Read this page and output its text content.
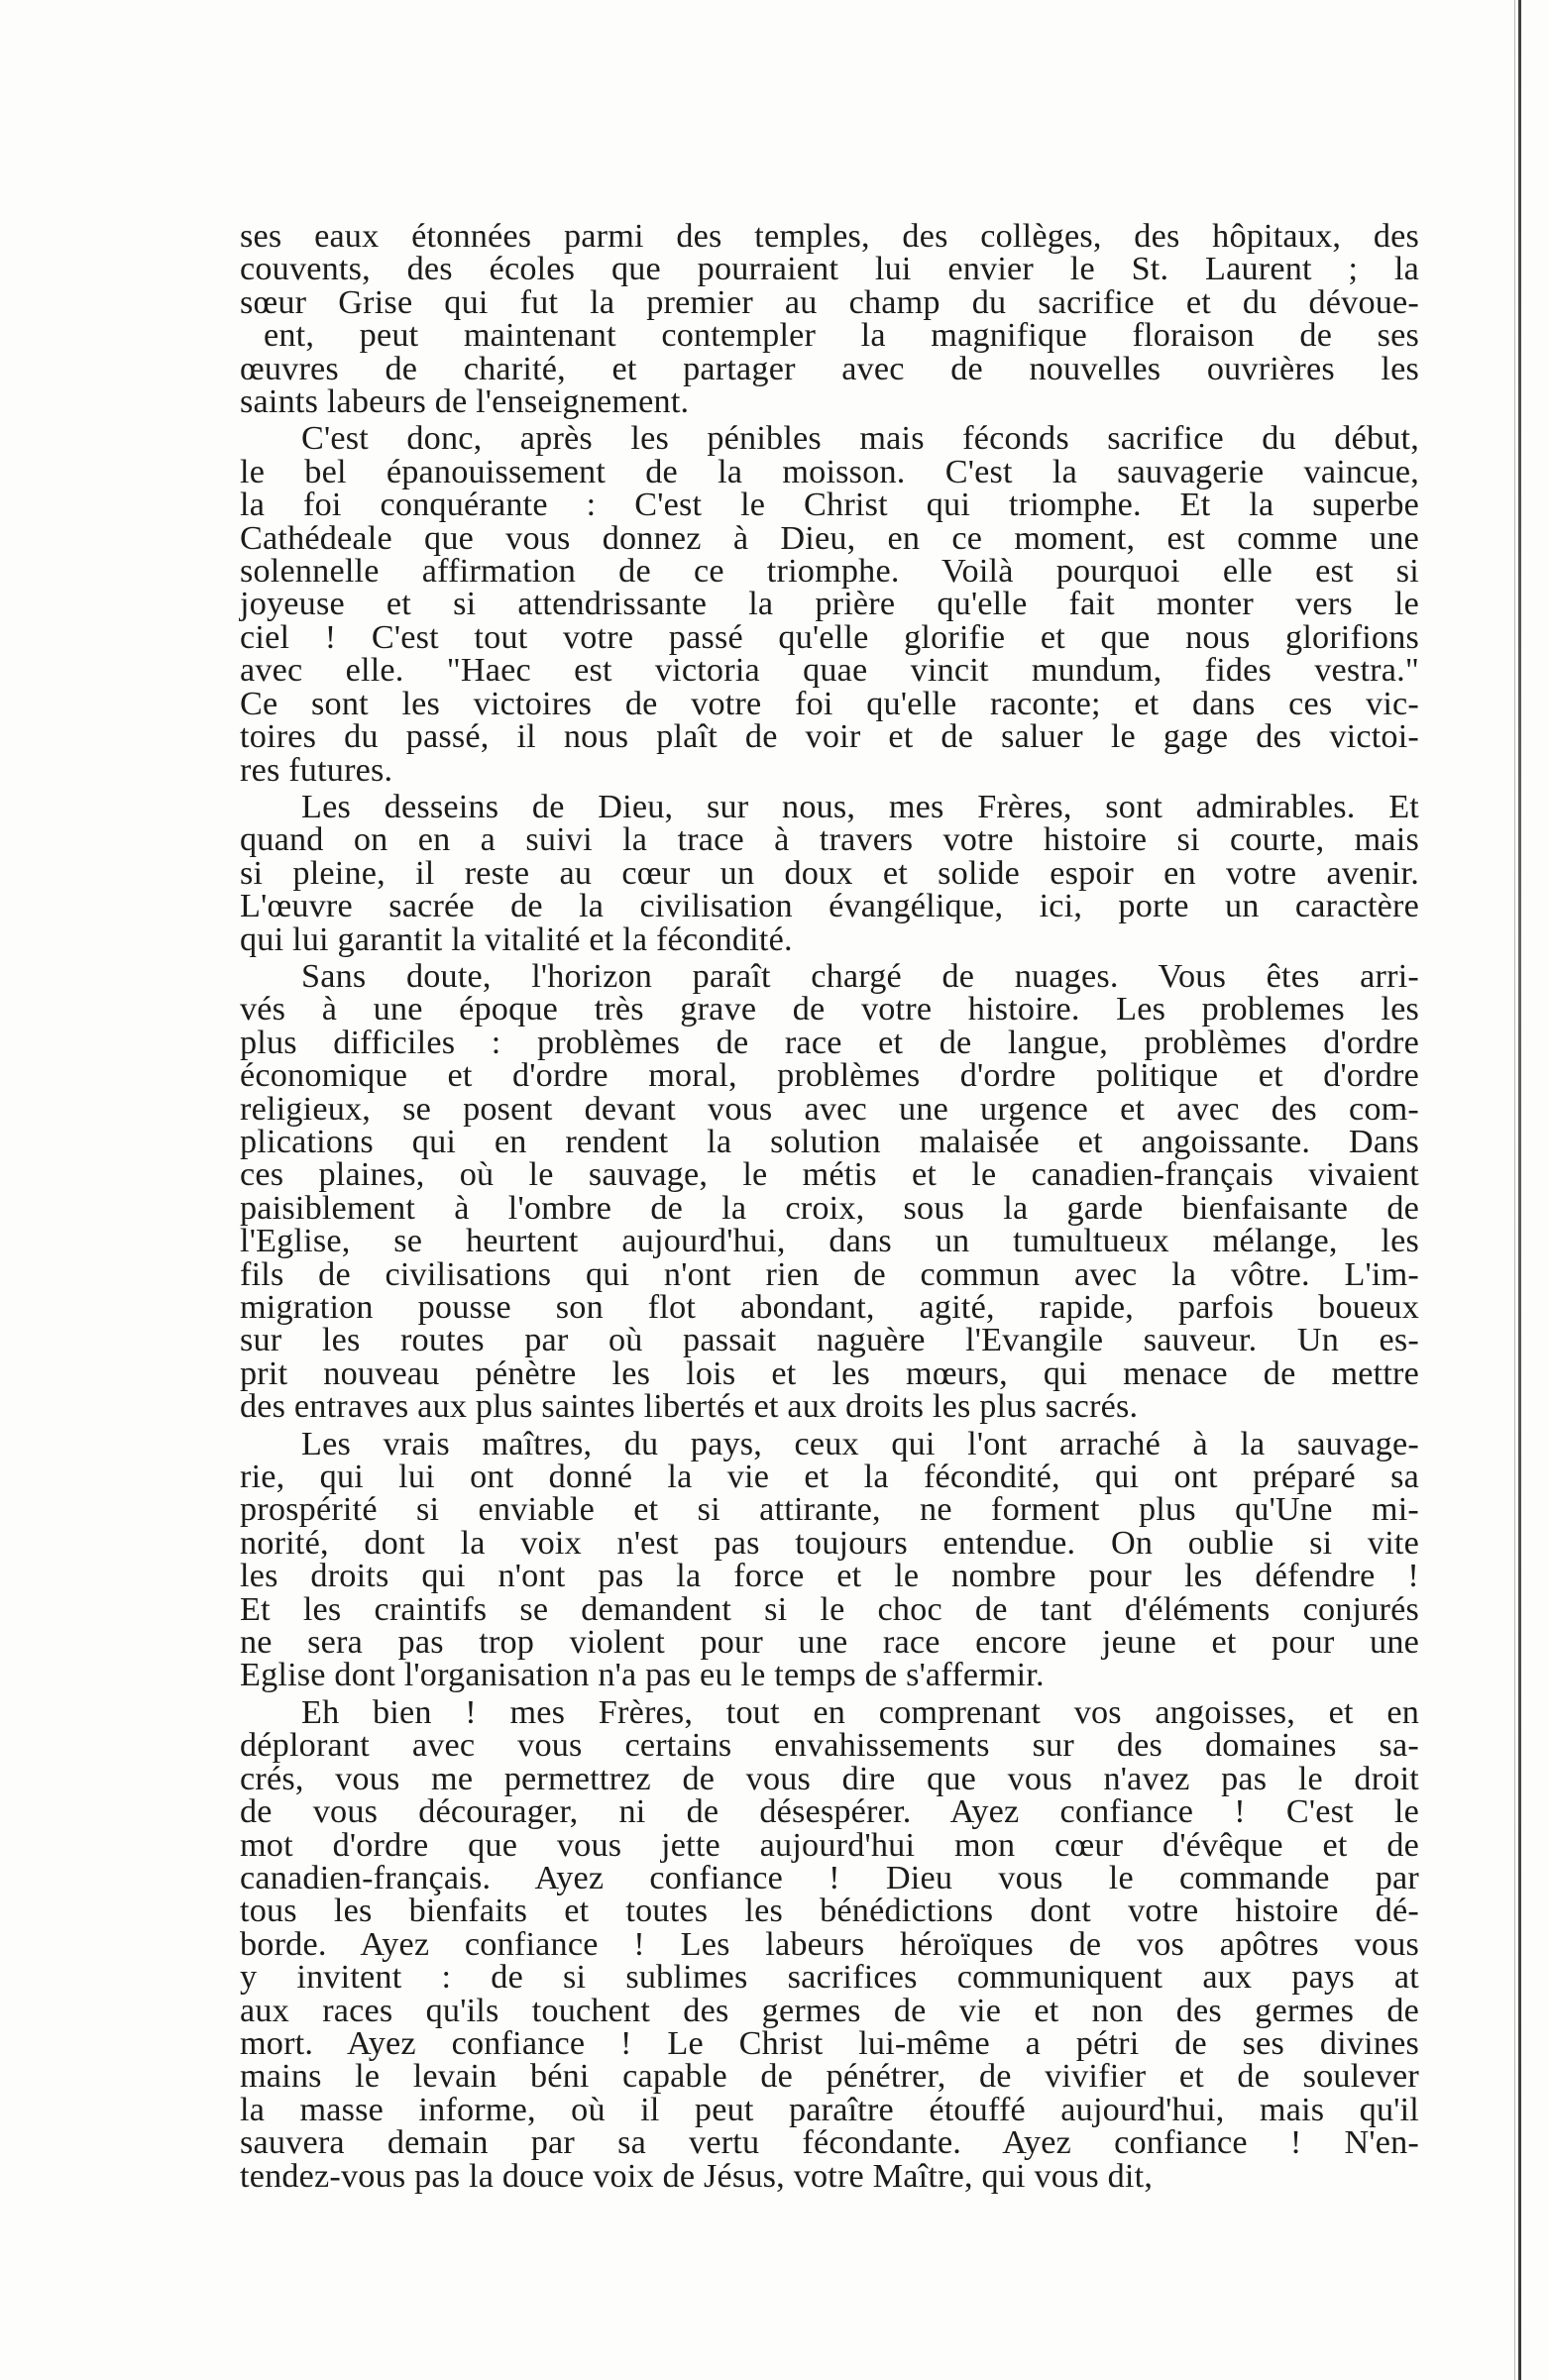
ses eaux étonnées parmi des temples, des collèges, des hôpitaux, des
couvents, des écoles que pourraient lui envier le St. Laurent ; la
sœur Grise qui fut la premier au champ du sacrifice et du dévoue-
ent, peut maintenant contempler la magnifique floraison de ses
œuvres de charité, et partager avec de nouvelles ouvrières les
saints labeurs de l'enseignement.
C'est donc, après les pénibles mais féconds sacrifice du début,
le bel épanouissement de la moisson. C'est la sauvagerie vaincue,
la foi conquérante : C'est le Christ qui triomphe. Et la superbe
Cathédeale que vous donnez à Dieu, en ce moment, est comme une
solennelle affirmation de ce triomphe. Voilà pourquoi elle est si
joyeuse et si attendrissante la prière qu'elle fait monter vers le
ciel ! C'est tout votre passé qu'elle glorifie et que nous glorifions
avec elle. "Haec est victoria quae vincit mundum, fides vestra."
Ce sont les victoires de votre foi qu'elle raconte; et dans ces vic-
toires du passé, il nous plaît de voir et de saluer le gage des victoi-
res futures.
Les desseins de Dieu, sur nous, mes Frères, sont admirables. Et
quand on en a suivi la trace à travers votre histoire si courte, mais
si pleine, il reste au cœur un doux et solide espoir en votre avenir.
L'œuvre sacrée de la civilisation évangélique, ici, porte un caractère
qui lui garantit la vitalité et la fécondité.
Sans doute, l'horizon paraît chargé de nuages. Vous êtes arri-
vés à une époque très grave de votre histoire. Les problemes les
plus difficiles : problèmes de race et de langue, problèmes d'ordre
économique et d'ordre moral, problèmes d'ordre politique et d'ordre
religieux, se posent devant vous avec une urgence et avec des com-
plications qui en rendent la solution malaisée et angoissante. Dans
ces plaines, où le sauvage, le métis et le canadien-français vivaient
paisiblement à l'ombre de la croix, sous la garde bienfaisante de
l'Eglise, se heurtent aujourd'hui, dans un tumultueux mélange, les
fils de civilisations qui n'ont rien de commun avec la vôtre. L'im-
migration pousse son flot abondant, agité, rapide, parfois boueux
sur les routes par où passait naguère l'Evangile sauveur. Un es-
prit nouveau pénètre les lois et les mœurs, qui menace de mettre
des entraves aux plus saintes libertés et aux droits les plus sacrés.
Les vrais maîtres, du pays, ceux qui l'ont arraché à la sauvage-
rie, qui lui ont donné la vie et la fécondité, qui ont préparé sa
prospérité si enviable et si attirante, ne forment plus qu'Une mi-
norité, dont la voix n'est pas toujours entendue. On oublie si vite
les droits qui n'ont pas la force et le nombre pour les défendre !
Et les craintifs se demandent si le choc de tant d'éléments conjurés
ne sera pas trop violent pour une race encore jeune et pour une
Eglise dont l'organisation n'a pas eu le temps de s'affermir.
Eh bien ! mes Frères, tout en comprenant vos angoisses, et en
déplorant avec vous certains envahissements sur des domaines sa-
crés, vous me permettrez de vous dire que vous n'avez pas le droit
de vous décourager, ni de désespérer. Ayez confiance ! C'est le
mot d'ordre que vous jette aujourd'hui mon cœur d'évêque et de
canadien-français. Ayez confiance ! Dieu vous le commande par
tous les bienfaits et toutes les bénédictions dont votre histoire dé-
borde. Ayez confiance ! Les labeurs héroïques de vos apôtres vous
y invitent : de si sublimes sacrifices communiquent aux pays at
aux races qu'ils touchent des germes de vie et non des germes de
mort. Ayez confiance ! Le Christ lui-même a pétri de ses divines
mains le levain béni capable de pénétrer, de vivifier et de soulever
la masse informe, où il peut paraître étouffé aujourd'hui, mais qu'il
sauvera demain par sa vertu fécondante. Ayez confiance ! N'en-
tendez-vous pas la douce voix de Jésus, votre Maître, qui vous dit,
